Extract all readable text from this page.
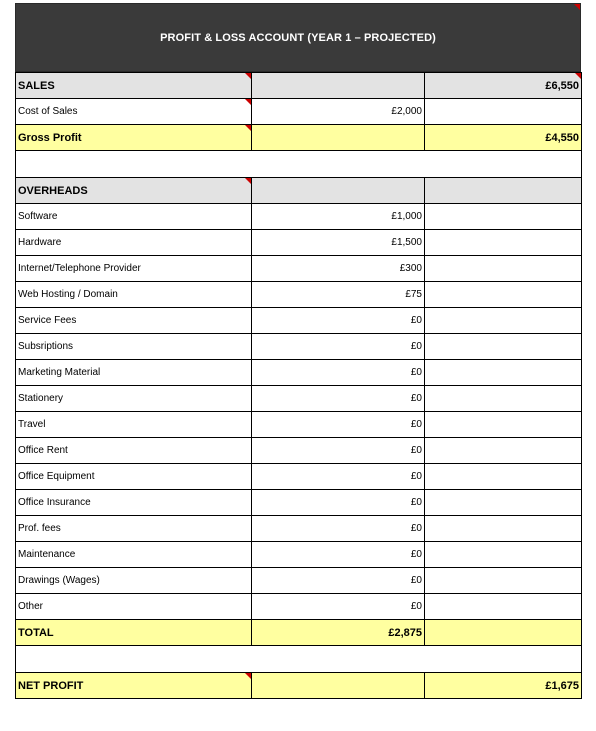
PROFIT & LOSS ACCOUNT (YEAR 1 – PROJECTED)
SALES		£6,550

Cost of Sales	£2,000	
Gross Profit		£4,550

OVERHEADS

Software	£1,000	
Hardware	£1,500	
Internet/Telephone Provider	£300	
Web Hosting / Domain	£75	
Service Fees	£0	
Subsriptions	£0	
Marketing Material	£0	
Stationery	£0	
Travel	£0	
Office Rent	£0	
Office Equipment	£0	
Office Insurance	£0	
Prof. fees	£0	
Maintenance	£0	
Drawings (Wages)	£0	
Other	£0	
TOTAL	£2,875	

NET PROFIT		£1,675
